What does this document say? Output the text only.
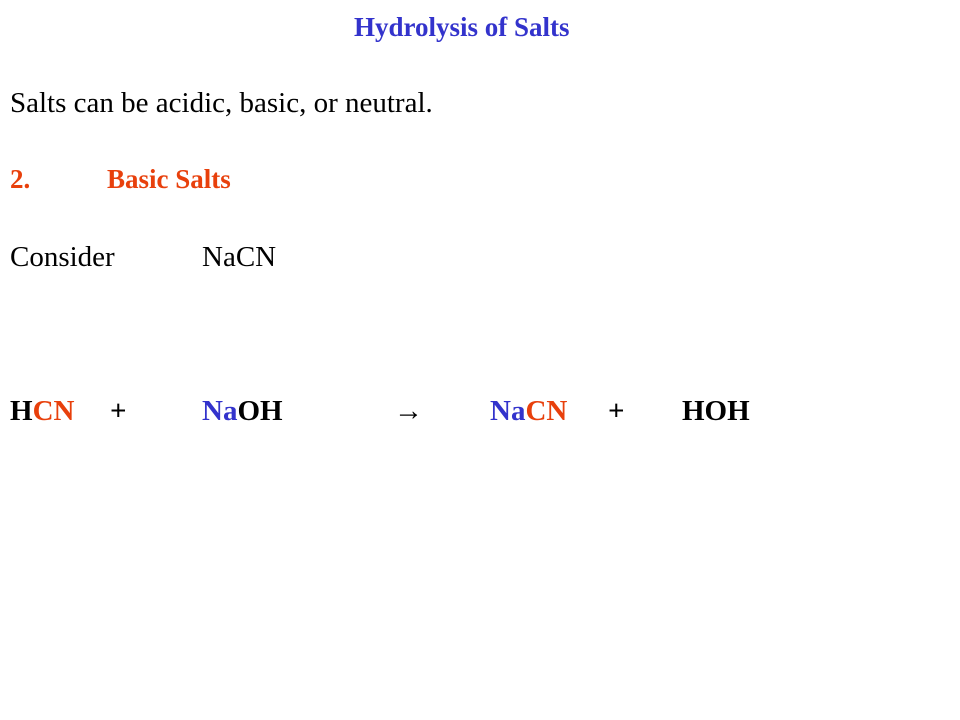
Hydrolysis of Salts
Salts can be acidic, basic, or neutral.
2.	Basic Salts
Consider	NaCN
HCN +	NaOH	→ NaCN + HOH
